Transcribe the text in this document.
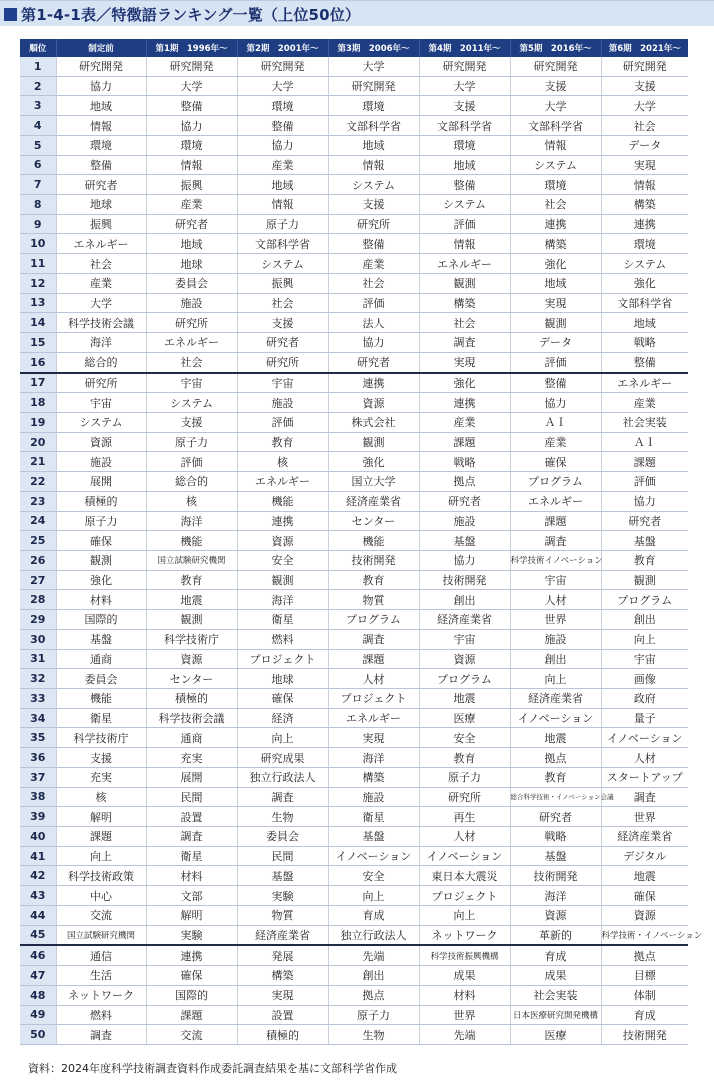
第1-4-1表／特徴語ランキング一覧（上位50位）
順位	制定前	第1期　1996年～	第2期　2001年～	第3期　2006年～	第4期　2011年～	第5期　2016年～	第6期　2021年～
1	研究開発	研究開発	研究開発	大学	研究開発	研究開発	研究開発
2	協力	大学	大学	研究開発	大学	支援	支援
3	地域	整備	環境	環境	支援	大学	大学
4	情報	協力	整備	文部科学省	文部科学省	文部科学省	社会
5	環境	環境	協力	地域	環境	情報	データ
6	整備	情報	産業	情報	地域	システム	実現
7	研究者	振興	地域	システム	整備	環境	情報
8	地球	産業	情報	支援	システム	社会	構築
9	振興	研究者	原子力	研究所	評価	連携	連携
10	エネルギー	地域	文部科学省	整備	情報	構築	環境
11	社会	地球	システム	産業	エネルギー	強化	システム
12	産業	委員会	振興	社会	観測	地域	強化
13	大学	施設	社会	評価	構築	実現	文部科学省
14	科学技術会議	研究所	支援	法人	社会	観測	地域
15	海洋	エネルギー	研究者	協力	調査	データ	戦略
16	総合的	社会	研究所	研究者	実現	評価	整備
17	研究所	宇宙	宇宙	連携	強化	整備	エネルギー
18	宇宙	システム	施設	資源	連携	協力	産業
19	システム	支援	評価	株式会社	産業	ＡＩ	社会実装
20	資源	原子力	教育	観測	課題	産業	ＡＩ
21	施設	評価	核	強化	戦略	確保	課題
22	展開	総合的	エネルギー	国立大学	拠点	プログラム	評価
23	積極的	核	機能	経済産業省	研究者	エネルギー	協力
24	原子力	海洋	連携	センター	施設	課題	研究者
25	確保	機能	資源	機能	基盤	調査	基盤
26	観測	国立試験研究機関	安全	技術開発	協力	科学技術イノベーション	教育
27	強化	教育	観測	教育	技術開発	宇宙	観測
28	材料	地震	海洋	物質	創出	人材	プログラム
29	国際的	観測	衛星	プログラム	経済産業省	世界	創出
30	基盤	科学技術庁	燃料	調査	宇宙	施設	向上
31	通商	資源	プロジェクト	課題	資源	創出	宇宙
32	委員会	センター	地球	人材	プログラム	向上	画像
33	機能	積極的	確保	プロジェクト	地震	経済産業省	政府
34	衛星	科学技術会議	経済	エネルギー	医療	イノベーション	量子
35	科学技術庁	通商	向上	実現	安全	地震	イノベーション
36	支援	充実	研究成果	海洋	教育	拠点	人材
37	充実	展開	独立行政法人	構築	原子力	教育	スタートアップ
38	核	民間	調査	施設	研究所	総合科学技術・イノベーション会議	調査
39	解明	設置	生物	衛星	再生	研究者	世界
40	課題	調査	委員会	基盤	人材	戦略	経済産業省
41	向上	衛星	民間	イノベーション	イノベーション	基盤	デジタル
42	科学技術政策	材料	基盤	安全	東日本大震災	技術開発	地震
43	中心	文部	実験	向上	プロジェクト	海洋	確保
44	交流	解明	物質	育成	向上	資源	資源
45	国立試験研究機関	実験	経済産業省	独立行政法人	ネットワーク	革新的	科学技術・イノベーション
46	通信	連携	発展	先端	科学技術振興機構	育成	拠点
47	生活	確保	構築	創出	成果	成果	目標
48	ネットワーク	国際的	実現	拠点	材料	社会実装	体制
49	燃料	課題	設置	原子力	世界	日本医療研究開発機構	育成
50	調査	交流	積極的	生物	先端	医療	技術開発
資料：2024年度科学技術調査資料作成委託調査結果を基に文部科学省作成
